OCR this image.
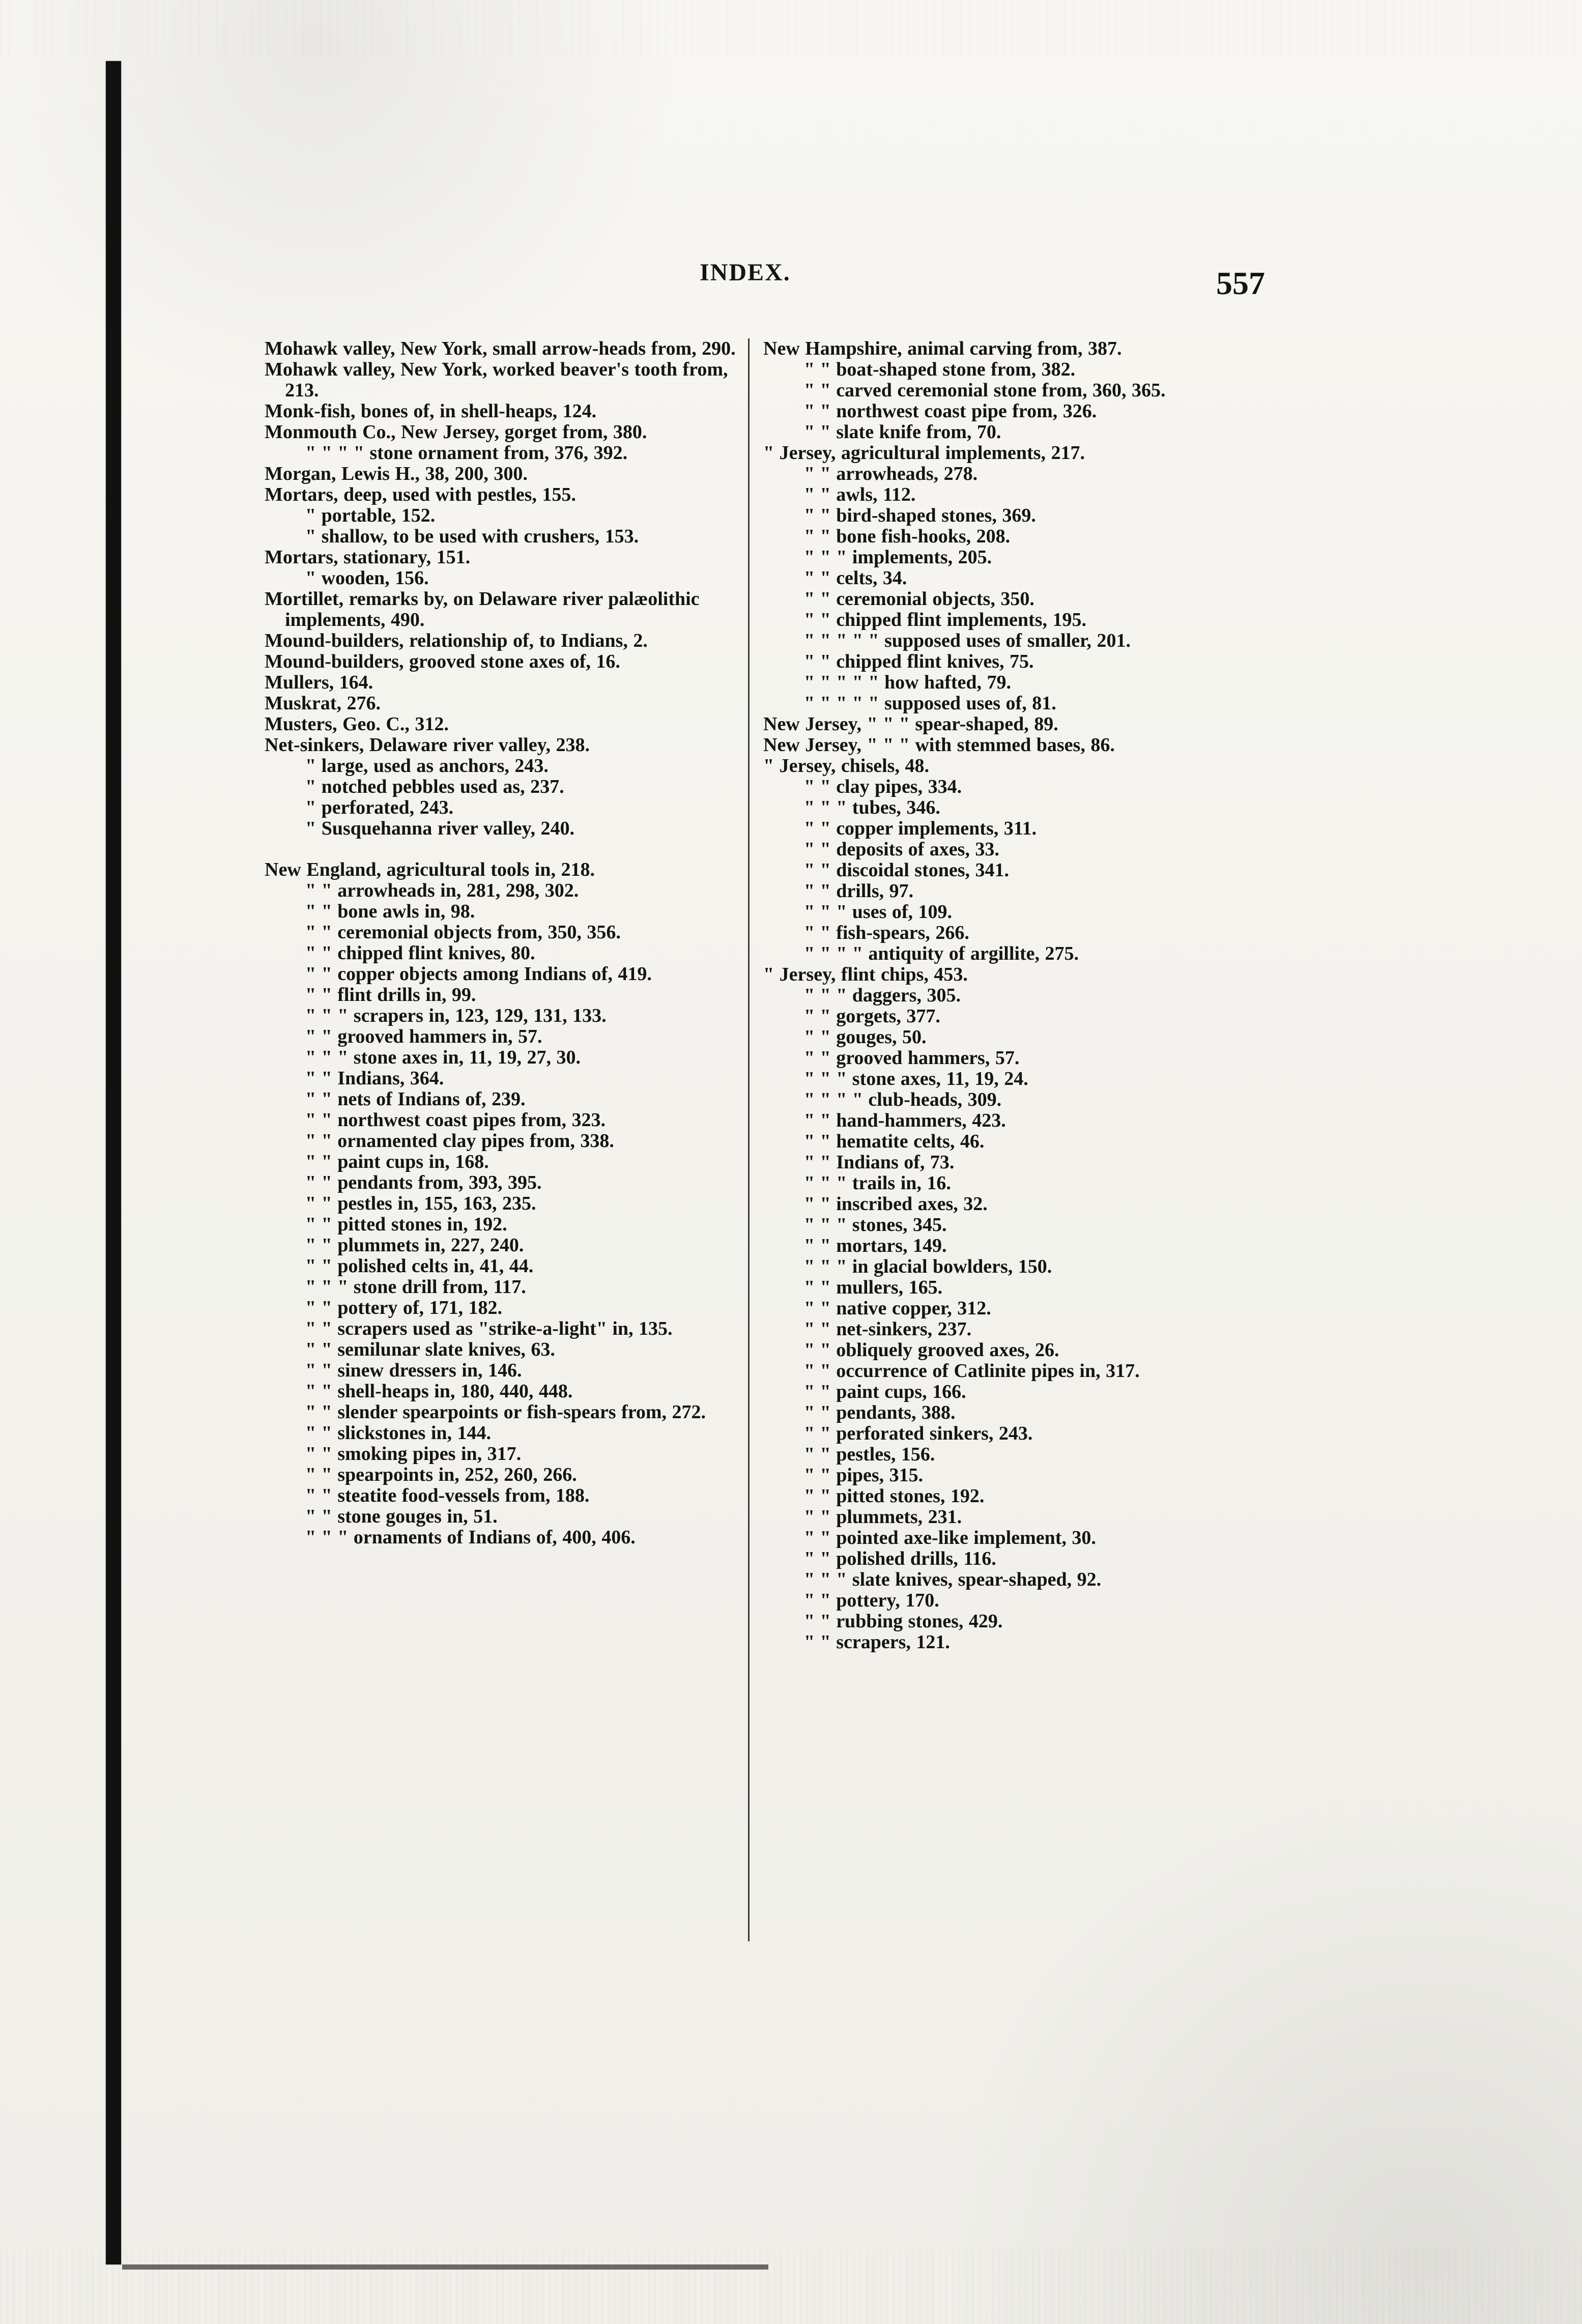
INDEX.	557

Mohawk valley, New York, small arrow-heads from, 290.

Mohawk valley, New York, worked beaver's tooth from, 213.

Monk-fish, bones of, in shell-heaps, 124.

Monmouth Co., New Jersey, gorget from, 380.

" " " " stone ornament from, 376, 392.

Morgan, Lewis H., 38, 200, 300.

Mortars, deep, used with pestles, 155.

" portable, 152.

" shallow, to be used with crushers, 153.

Mortars, stationary, 151.

" wooden, 156.

Mortillet, remarks by, on Delaware river palæolithic implements, 490.

Mound-builders, relationship of, to Indians, 2.

Mound-builders, grooved stone axes of, 16.

Mullers, 164.

Muskrat, 276.

Musters, Geo. C., 312.

Net-sinkers, Delaware river valley, 238.

" large, used as anchors, 243.

" notched pebbles used as, 237.

" perforated, 243.

" Susquehanna river valley, 240.

New England, agricultural tools in, 218.

" " arrowheads in, 281, 298, 302.

" " bone awls in, 98.

" " ceremonial objects from, 350, 356.

" " chipped flint knives, 80.

" " copper objects among Indians of, 419.

" " flint drills in, 99.

" " " scrapers in, 123, 129, 131, 133.

" " grooved hammers in, 57.

" " " stone axes in, 11, 19, 27, 30.

" " Indians, 364.

" " nets of Indians of, 239.

" " northwest coast pipes from, 323.

" " ornamented clay pipes from, 338.

" " paint cups in, 168.

" " pendants from, 393, 395.

" " pestles in, 155, 163, 235.

" " pitted stones in, 192.

" " plummets in, 227, 240.

" " polished celts in, 41, 44.

" " " stone drill from, 117.

" " pottery of, 171, 182.

" " scrapers used as "strike-a-light" in, 135.

" " semilunar slate knives, 63.

" " sinew dressers in, 146.

" " shell-heaps in, 180, 440, 448.

" " slender spearpoints or fish-spears from, 272.

" " slickstones in, 144.

" " smoking pipes in, 317.

" " spearpoints in, 252, 260, 266.

" " steatite food-vessels from, 188.

" " stone gouges in, 51.

" " " ornaments of Indians of, 400, 406.

New Hampshire, animal carving from, 387.

" " boat-shaped stone from, 382.

" " carved ceremonial stone from, 360, 365.

" " northwest coast pipe from, 326.

" " slate knife from, 70.

" Jersey, agricultural implements, 217.

" " arrowheads, 278.

" " awls, 112.

" " bird-shaped stones, 369.

" " bone fish-hooks, 208.

" " " implements, 205.

" " celts, 34.

" " ceremonial objects, 350.

" " chipped flint implements, 195.

" " " " " supposed uses of smaller, 201.

" " chipped flint knives, 75.

" " " " " how hafted, 79.

" " " " " supposed uses of, 81.

New Jersey, " " " spear-shaped, 89.

New Jersey, " " " with stemmed bases, 86.

" Jersey, chisels, 48.

" " clay pipes, 334.

" " " tubes, 346.

" " copper implements, 311.

" " deposits of axes, 33.

" " discoidal stones, 341.

" " drills, 97.

" " " uses of, 109.

" " fish-spears, 266.

" " " " antiquity of argillite, 275.

" Jersey, flint chips, 453.

" " " daggers, 305.

" " gorgets, 377.

" " gouges, 50.

" " grooved hammers, 57.

" " " stone axes, 11, 19, 24.

" " " " club-heads, 309.

" " hand-hammers, 423.

" " hematite celts, 46.

" " Indians of, 73.

" " " trails in, 16.

" " inscribed axes, 32.

" " " stones, 345.

" " mortars, 149.

" " " in glacial bowlders, 150.

" " mullers, 165.

" " native copper, 312.

" " net-sinkers, 237.

" " obliquely grooved axes, 26.

" " occurrence of Catlinite pipes in, 317.

" " paint cups, 166.

" " pendants, 388.

" " perforated sinkers, 243.

" " pestles, 156.

" " pipes, 315.

" " pitted stones, 192.

" " plummets, 231.

" " pointed axe-like implement, 30.

" " polished drills, 116.

" " " slate knives, spear-shaped, 92.

" " pottery, 170.

" " rubbing stones, 429.

" " scrapers, 121.
